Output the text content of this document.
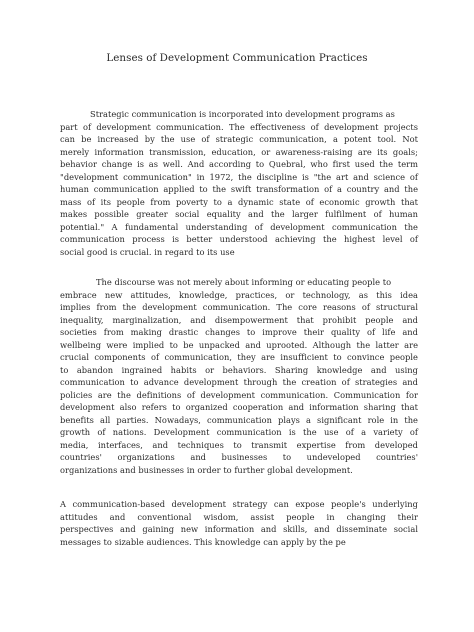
Lenses of Development Communication Practices
Strategic communication is incorporated into development programs as
part of development communication. The effectiveness of development projects
can be increased by the use of strategic communication, a potent tool. Not
merely information transmission, education, or awareness-raising are its goals;
behavior change is as well. And according to Quebral, who first used the term
"development communication" in 1972, the discipline is "the art and science of
human communication applied to the swift transformation of a country and the
mass of its people from poverty to a dynamic state of economic growth that
makes possible greater social equality and the larger fulfilment of human
potential." A fundamental understanding of development communication the
communication process is better understood achieving the highest level of
social good is crucial. in regard to its use
The discourse was not merely about informing or educating people to
embrace new attitudes, knowledge, practices, or technology, as this idea
implies from the development communication. The core reasons of structural
inequality, marginalization, and disempowerment that prohibit people and
societies from making drastic changes to improve their quality of life and
wellbeing were implied to be unpacked and uprooted. Although the latter are
crucial components of communication, they are insufficient to convince people
to abandon ingrained habits or behaviors. Sharing knowledge and using
communication to advance development through the creation of strategies and
policies are the definitions of development communication. Communication for
development also refers to organized cooperation and information sharing that
benefits all parties. Nowadays, communication plays a significant role in the
growth of nations. Development communication is the use of a variety of
media, interfaces, and techniques to transmit expertise from developed
countries' organizations and businesses to undeveloped countries'
organizations and businesses in order to further global development.
A communication-based development strategy can expose people's underlying
attitudes and conventional wisdom, assist people in changing their
perspectives and gaining new information and skills, and disseminate social
messages to sizable audiences. This knowledge can apply by the pe
